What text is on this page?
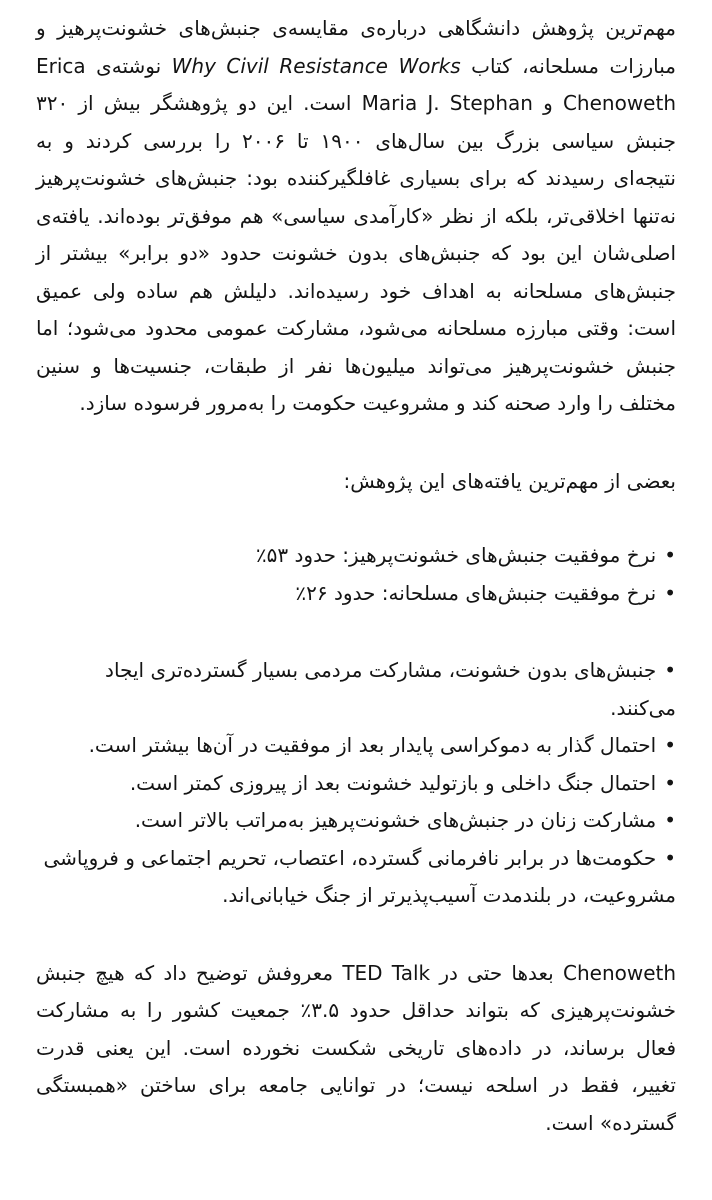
مهم‌ترین پژوهش دانشگاهی درباره‌ی مقایسه‌ی جنبش‌های خشونت‌پرهیز و مبارزات مسلحانه، کتاب Why Civil Resistance Works نوشته‌ی Erica Chenoweth و Maria J. Stephan است. این دو پژوهشگر بیش از ۳۲۰ جنبش سیاسی بزرگ بین سال‌های ۱۹۰۰ تا ۲۰۰۶ را بررسی کردند و به نتیجه‌ای رسیدند که برای بسیاری غافلگیرکننده بود: جنبش‌های خشونت‌پرهیز نه‌تنها اخلاقی‌تر، بلکه از نظر «کارآمدی سیاسی» هم موفق‌تر بوده‌اند. یافته‌ی اصلی‌شان این بود که جنبش‌های بدون خشونت حدود «دو برابر» بیشتر از جنبش‌های مسلحانه به اهداف خود رسیده‌اند. دلیلش هم ساده ولی عمیق است: وقتی مبارزه مسلحانه می‌شود، مشارکت عمومی محدود می‌شود؛ اما جنبش خشونت‌پرهیز می‌تواند میلیون‌ها نفر از طبقات، جنسیت‌ها و سنین مختلف را وارد صحنه کند و مشروعیت حکومت را به‌مرور فرسوده سازد.

بعضی از مهم‌ترین یافته‌های این پژوهش:

•نرخ موفقیت جنبش‌های خشونت‌پرهیز: حدود ۵۳٪
•نرخ موفقیت جنبش‌های مسلحانه: حدود ۲۶٪
•جنبش‌های بدون خشونت، مشارکت مردمی بسیار گسترده‌تری ایجاد می‌کنند.
•احتمال گذار به دموکراسی پایدار بعد از موفقیت در آن‌ها بیشتر است.
•احتمال جنگ داخلی و بازتولید خشونت بعد از پیروزی کمتر است.
•مشارکت زنان در جنبش‌های خشونت‌پرهیز به‌مراتب بالاتر است.
•حکومت‌ها در برابر نافرمانی گسترده، اعتصاب، تحریم اجتماعی و فروپاشی مشروعیت، در بلندمدت آسیب‌پذیرتر از جنگ خیابانی‌اند.

Chenoweth بعدها حتی در TED Talk معروفش توضیح داد که هیچ جنبش خشونت‌پرهیزی که بتواند حداقل حدود ۳.۵٪ جمعیت کشور را به مشارکت فعال برساند، در داده‌های تاریخی شکست نخورده است. این یعنی قدرت تغییر، فقط در اسلحه نیست؛ در توانایی جامعه برای ساختن «همبستگی گسترده» است.
